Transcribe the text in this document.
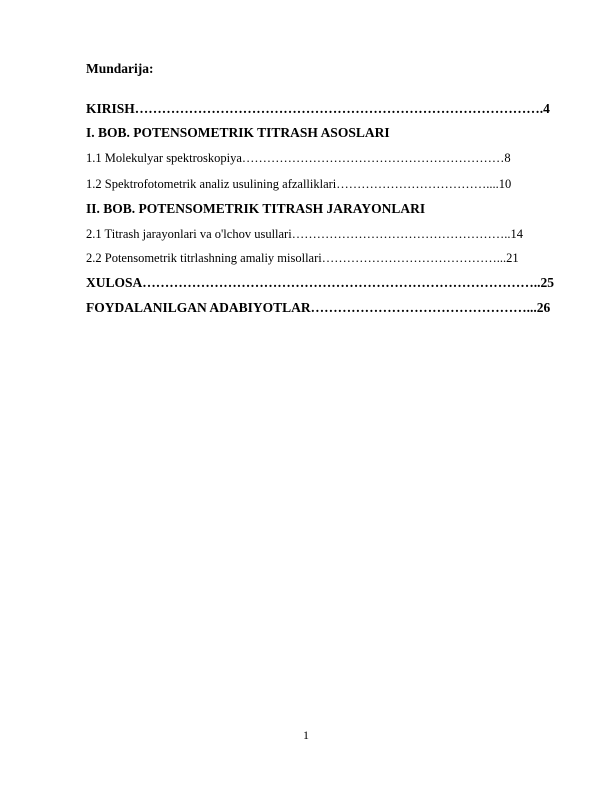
Mundarija:

KIRISH……………………………………………………………………………….4
I. BOB. POTENSOMETRIK TITRASH ASOSLARI
1.1 Molekulyar spektroskopiya………………………………………………………8
1.2 Spektrofotometrik analiz usulining afzalliklari………………………………....10
II. BOB. POTENSOMETRIK TITRASH JARAYONLARI
2.1 Titrash jarayonlari va o'lchov usullari……………………………………………..14
2.2 Potensometrik titrlashning amaliy misollari……………………………………...21
XULOSA……………………………………………………………………………..25
FOYDALANILGAN ADABIYOTLAR…………………………………………...26
1
